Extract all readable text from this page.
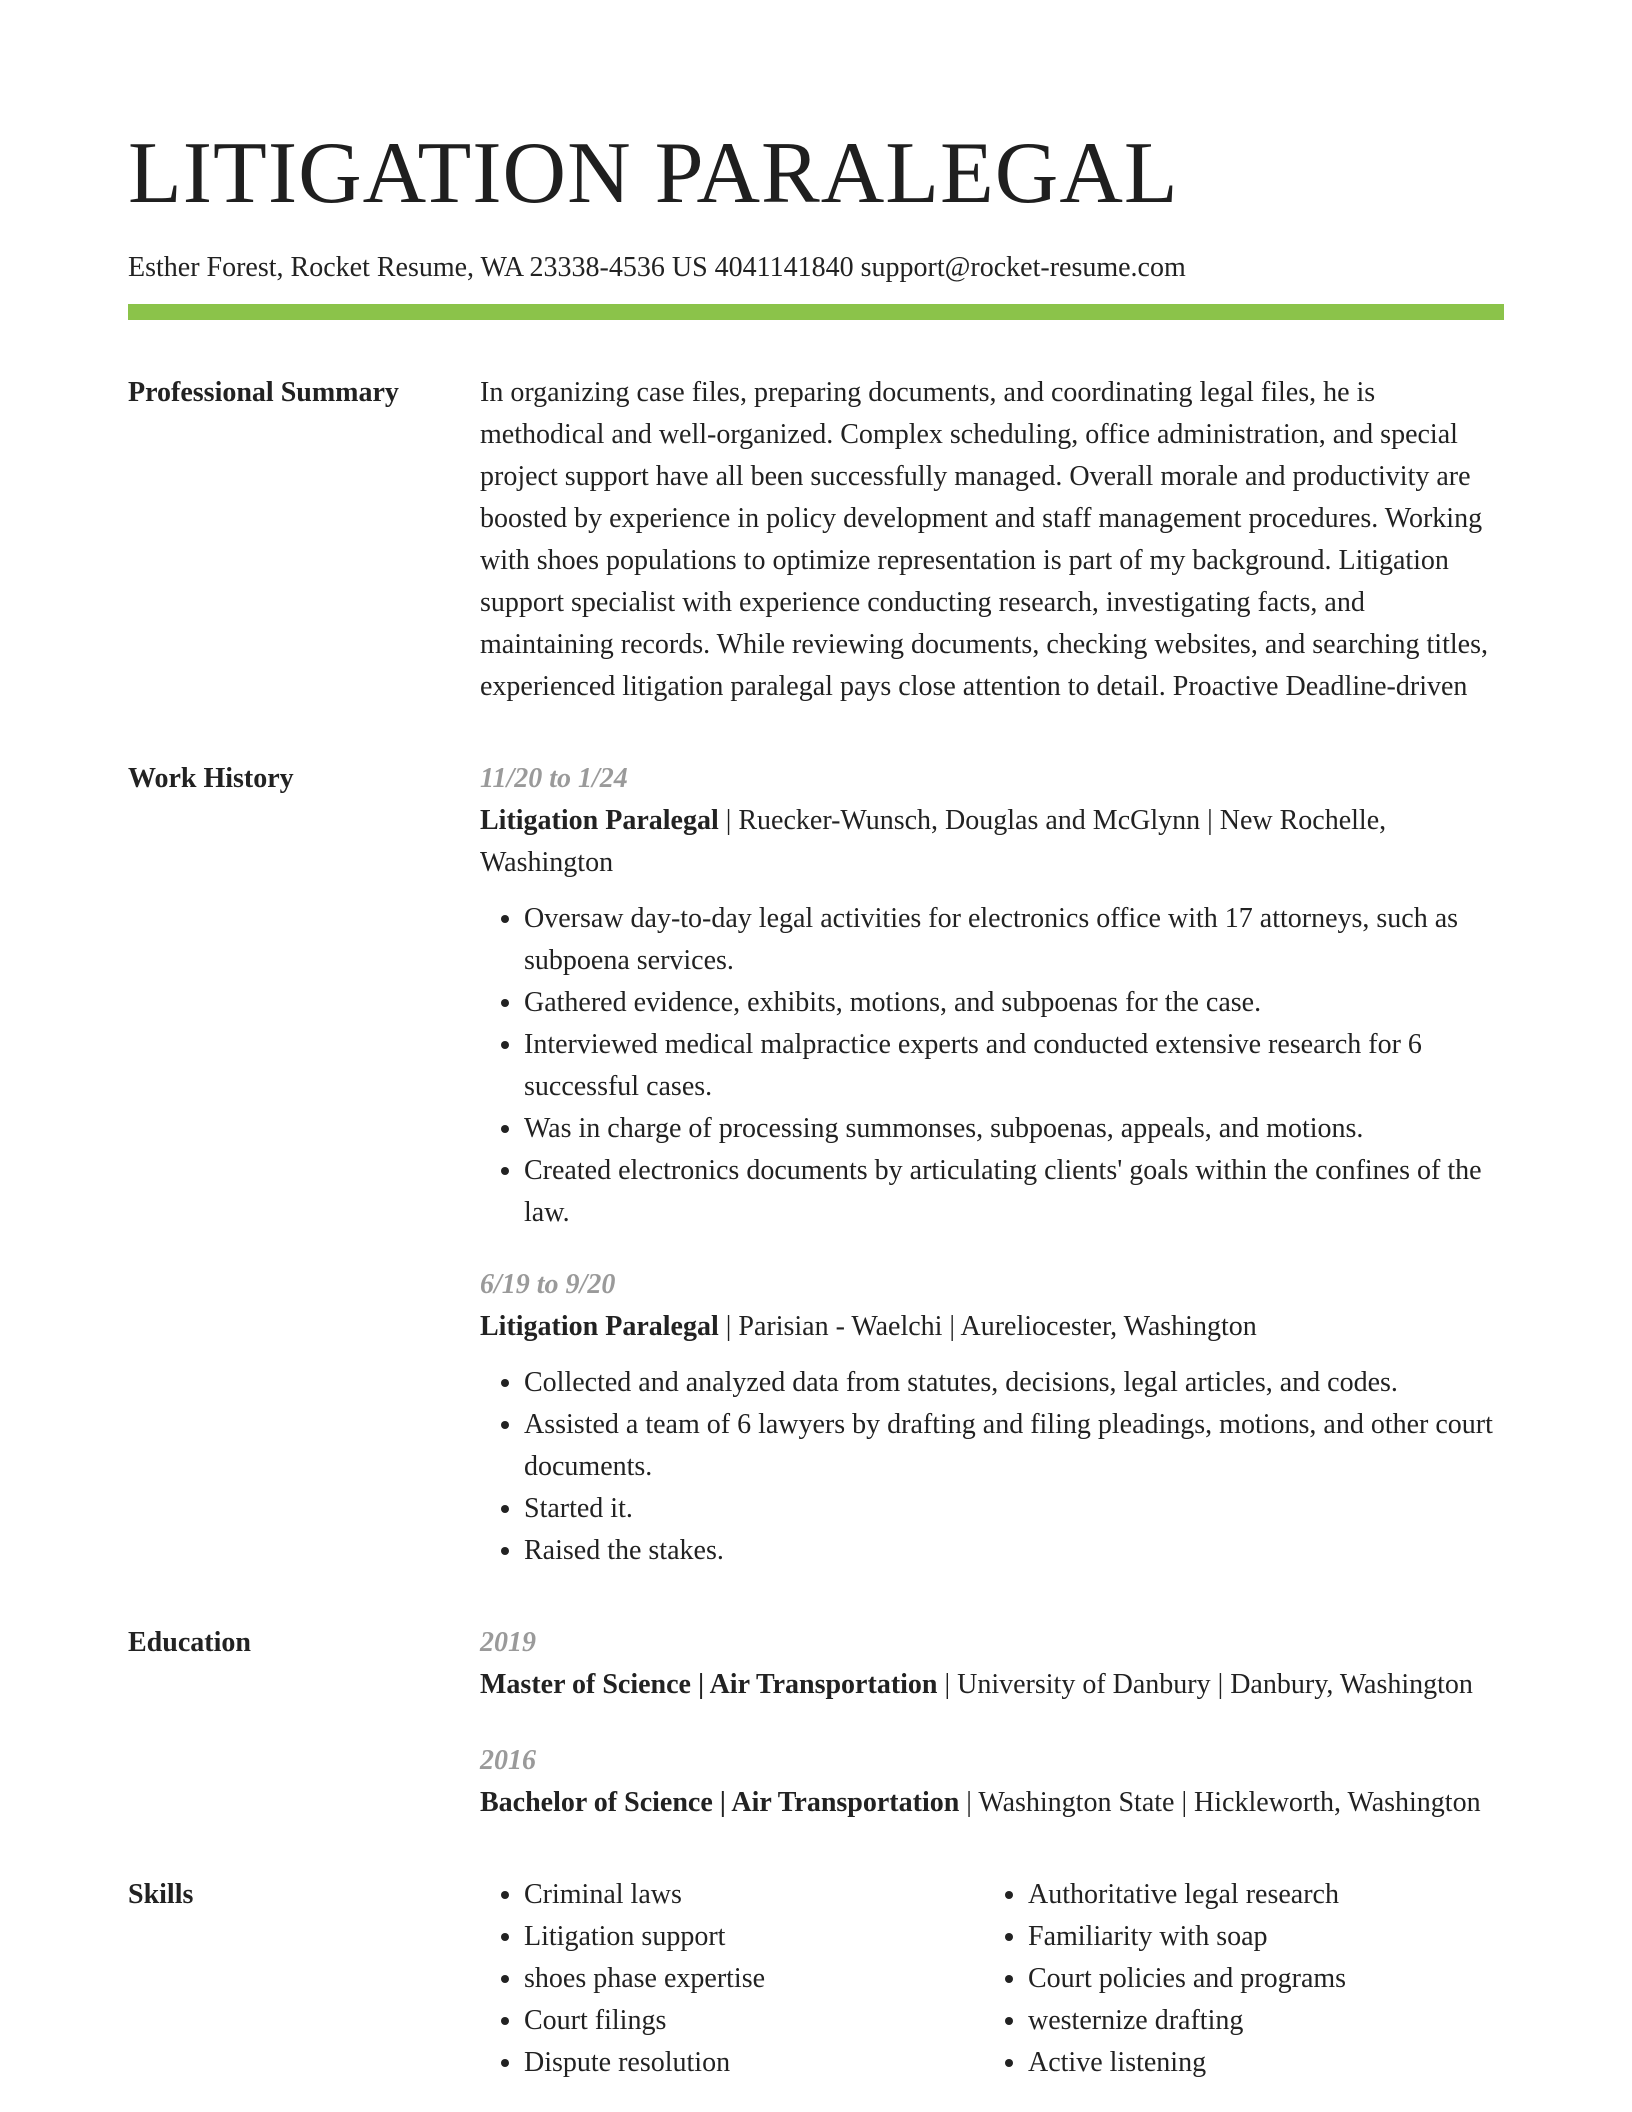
LITIGATION PARALEGAL
Esther Forest, Rocket Resume, WA 23338-4536 US 4041141840 support@rocket-resume.com
Professional Summary	In organizing case files, preparing documents, and coordinating legal files, he is methodical and well-organized. Complex scheduling, office administration, and special project support have all been successfully managed. Overall morale and productivity are boosted by experience in policy development and staff management procedures. Working with shoes populations to optimize representation is part of my background. Litigation support specialist with experience conducting research, investigating facts, and maintaining records. While reviewing documents, checking websites, and searching titles, experienced litigation paralegal pays close attention to detail. Proactive Deadline-driven

Work History	11/20 to 1/24
Litigation Paralegal | Ruecker-Wunsch, Douglas and McGlynn | New Rochelle, Washington
• Oversaw day-to-day legal activities for electronics office with 17 attorneys, such as subpoena services.
• Gathered evidence, exhibits, motions, and subpoenas for the case.
• Interviewed medical malpractice experts and conducted extensive research for 6 successful cases.
• Was in charge of processing summonses, subpoenas, appeals, and motions.
• Created electronics documents by articulating clients' goals within the confines of the law.
6/19 to 9/20
Litigation Paralegal | Parisian - Waelchi | Aureliocester, Washington
• Collected and analyzed data from statutes, decisions, legal articles, and codes.
• Assisted a team of 6 lawyers by drafting and filing pleadings, motions, and other court documents.
• Started it.
• Raised the stakes.
Education	2019
Master of Science | Air Transportation | University of Danbury | Danbury, Washington
2016
Bachelor of Science | Air Transportation | Washington State | Hickleworth, Washington
Skills
•	Criminal laws
• Litigation support
• shoes phase expertise
• Court filings
• Dispute resolution
• Authoritative legal research
• Familiarity with soap
• Court policies and programs
• westernize drafting
• Active listening
